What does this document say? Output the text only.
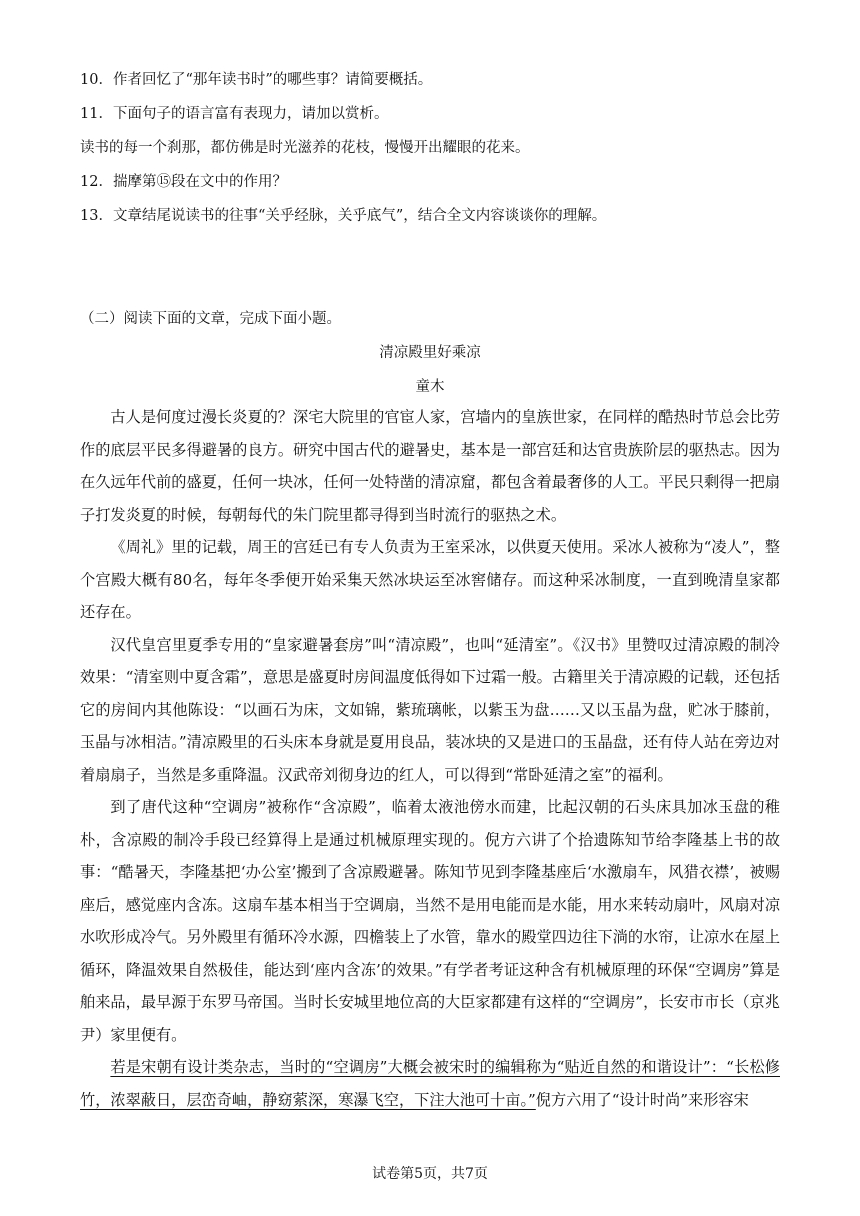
10．作者回忆了“那年读书时”的哪些事？请简要概括。
11．下面句子的语言富有表现力，请加以赏析。
读书的每一个刹那，都仿佛是时光滋养的花枝，慢慢开出耀眼的花来。
12．揣摩第⑮段在文中的作用？
13．文章结尾说读书的往事“关乎经脉，关乎底气”，结合全文内容谈谈你的理解。
（二）阅读下面的文章，完成下面小题。
清凉殿里好乘凉
童木

古人是何度过漫长炎夏的？深宅大院里的官宦人家，宫墙内的皇族世家，在同样的酷热时节总会比劳作的底层平民多得避暑的良方。研究中国古代的避暑史，基本是一部宫廷和达官贵族阶层的驱热志。因为在久远年代前的盛夏，任何一块冰，任何一处特凿的清凉窟，都包含着最奢侈的人工。平民只剩得一把扇子打发炎夏的时候，每朝每代的朱门院里都寻得到当时流行的驱热之术。

《周礼》里的记载，周王的宫廷已有专人负责为王室采冰，以供夏天使用。采冰人被称为“凌人”，整个宫殿大概有80名，每年冬季便开始采集天然冰块运至冰窖储存。而这种采冰制度，一直到晚清皇家都还存在。

汉代皇宫里夏季专用的“皇家避暑套房”叫“清凉殿”，也叫“延清室”。《汉书》里赞叹过清凉殿的制冷效果：“清室则中夏含霜”，意思是盛夏时房间温度低得如下过霜一般。古籍里关于清凉殿的记载，还包括它的房间内其他陈设：“以画石为床，文如锦，紫琉璃帐，以紫玉为盘……又以玉晶为盘，贮冰于膝前，玉晶与冰相洁。”清凉殿里的石头床本身就是夏用良品，装冰块的又是进口的玉晶盘，还有侍人站在旁边对着扇扇子，当然是多重降温。汉武帝刘彻身边的红人，可以得到“常卧延清之室”的福利。

到了唐代这种“空调房”被称作“含凉殿”，临着太液池傍水而建，比起汉朝的石头床具加冰玉盘的稚朴，含凉殿的制冷手段已经算得上是通过机械原理实现的。倪方六讲了个拾遗陈知节给李隆基上书的故事：“酷暑天，李隆基把‘办公室’搬到了含凉殿避暑。陈知节见到李隆基座后‘水激扇车，风猎衣襟’，被赐座后，感觉座内含冻。这扇车基本相当于空调扇，当然不是用电能而是水能，用水来转动扇叶，风扇对凉水吹形成冷气。另外殿里有循环冷水源，四檐装上了水管，靠水的殿堂四边往下淌的水帘，让凉水在屋上循环，降温效果自然极佳，能达到‘座内含冻’的效果。”有学者考证这种含有机械原理的环保“空调房”算是舶来品，最早源于东罗马帝国。当时长安城里地位高的大臣家都建有这样的“空调房”，长安市市长（京兆尹）家里便有。

若是宋朝有设计类杂志，当时的“空调房”大概会被宋时的编辑称为“贴近自然的和谐设计”：“长松修竹，浓翠蔽日，层峦奇岫，静窈萦深，寒瀑飞空，下注大池可十亩。”倪方六用了“设计时尚”来形容宋

试卷第5页，共7页
